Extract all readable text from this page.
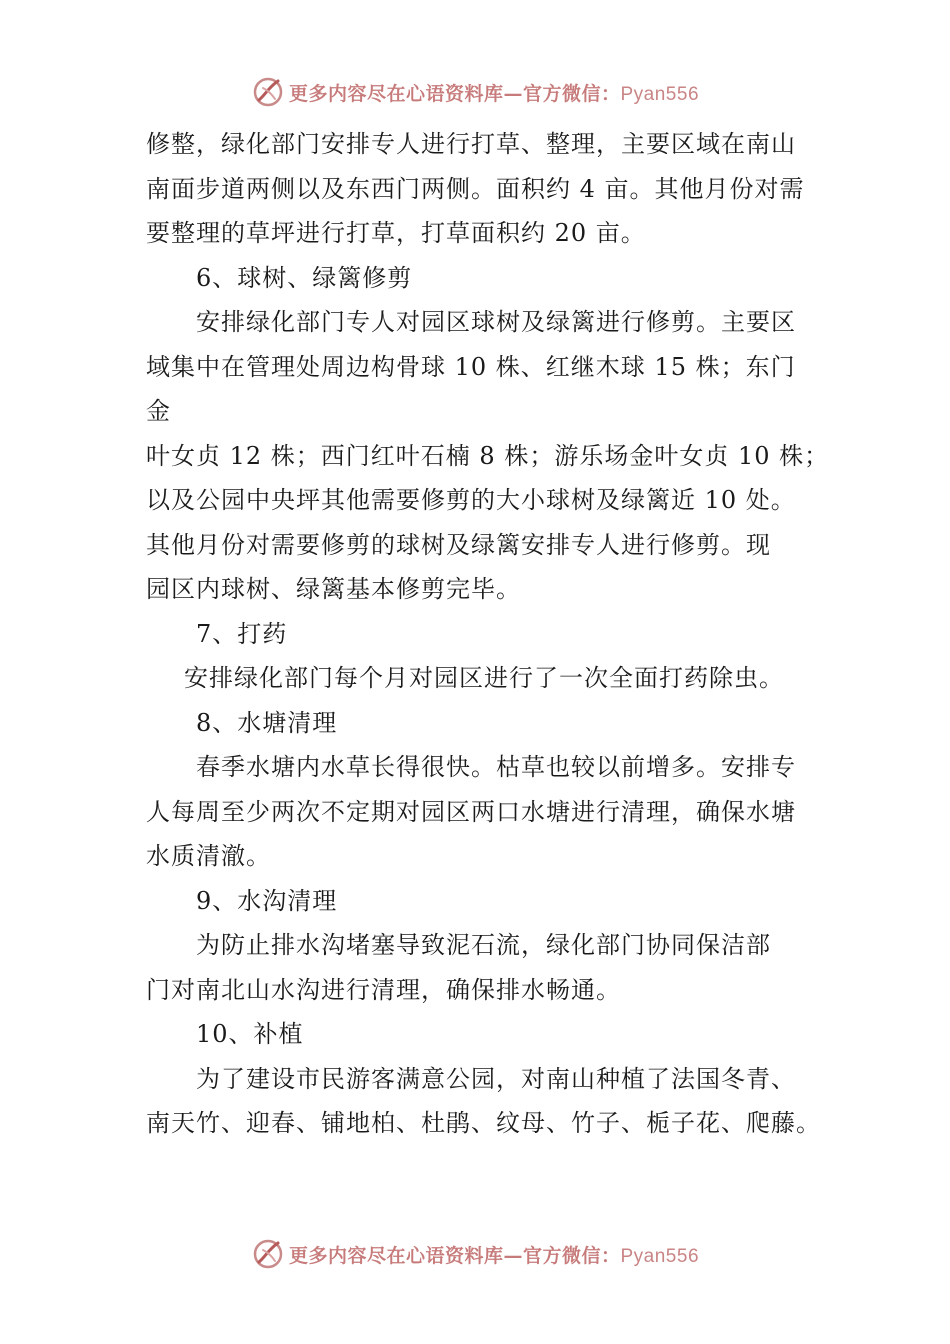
更多内容尽在心语资料库—官方微信：Pyan556
修整，绿化部门安排专人进行打草、整理，主要区域在南山
南面步道两侧以及东西门两侧。面积约 4 亩。其他月份对需
要整理的草坪进行打草，打草面积约 20 亩。
6、球树、绿篱修剪
安排绿化部门专人对园区球树及绿篱进行修剪。主要区
域集中在管理处周边构骨球 10 株、红继木球 15 株；东门
金
叶女贞 12 株；西门红叶石楠 8 株；游乐场金叶女贞 10 株；
以及公园中央坪其他需要修剪的大小球树及绿篱近 10 处。
其他月份对需要修剪的球树及绿篱安排专人进行修剪。现
园区内球树、绿篱基本修剪完毕。
7、打药
安排绿化部门每个月对园区进行了一次全面打药除虫。
8、水塘清理
春季水塘内水草长得很快。枯草也较以前增多。安排专
人每周至少两次不定期对园区两口水塘进行清理，确保水塘
水质清澈。
9、水沟清理
为防止排水沟堵塞导致泥石流，绿化部门协同保洁部
门对南北山水沟进行清理，确保排水畅通。
10、补植
为了建设市民游客满意公园，对南山种植了法国冬青、
南天竹、迎春、铺地柏、杜鹃、纹母、竹子、栀子花、爬藤。
更多内容尽在心语资料库—官方微信：Pyan556
